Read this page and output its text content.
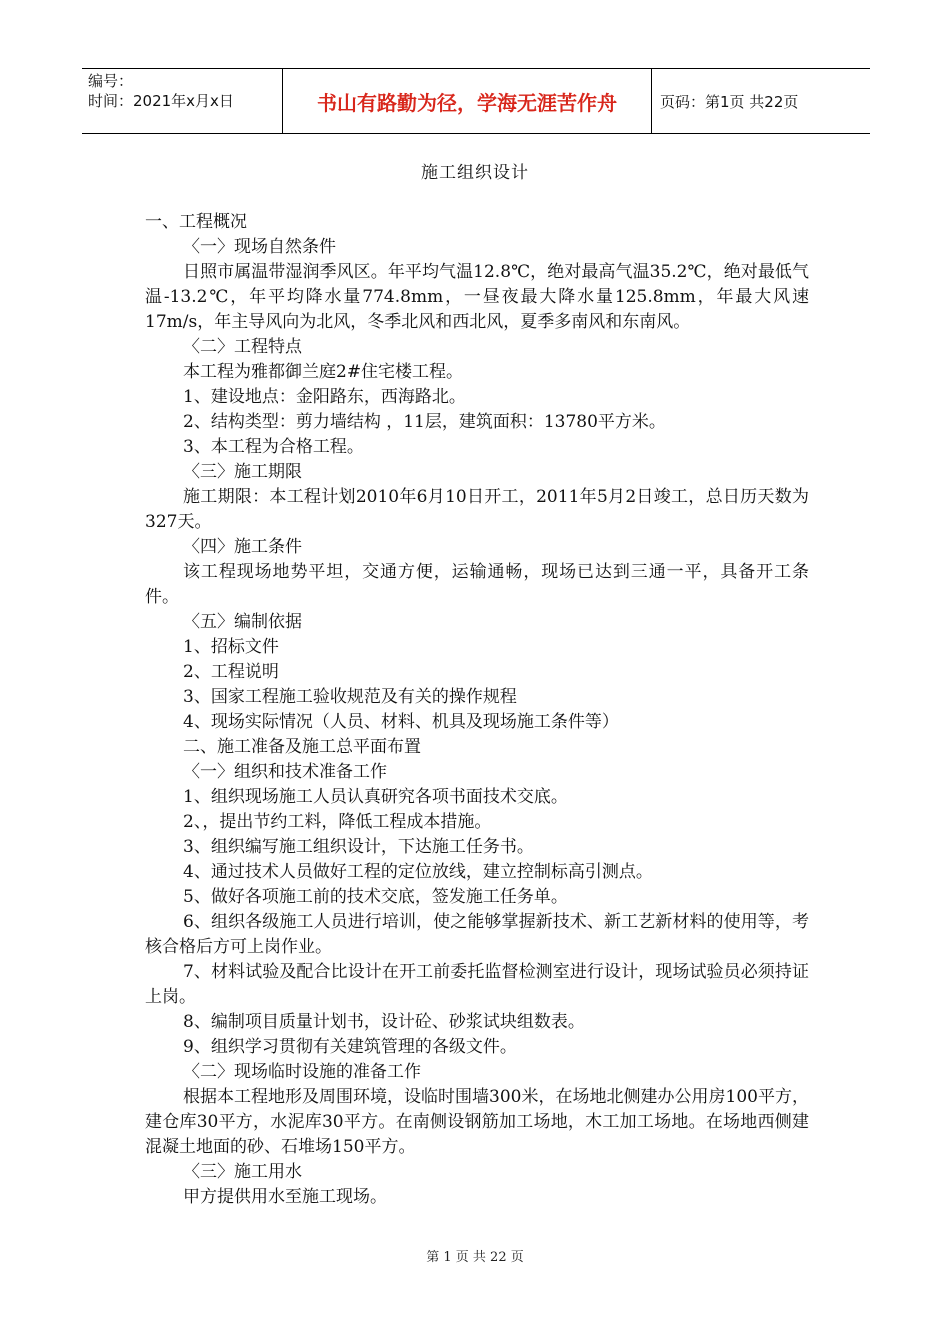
编号：
时间：2021年x月x日	书山有路勤为径，学海无涯苦作舟	页码：第1页 共22页
施工组织设计

一、工程概况

〈一〉现场自然条件

日照市属温带湿润季风区。年平均气温12.8℃，绝对最高气温35.2℃，绝对最低气温-13.2℃，年平均降水量774.8mm，一昼夜最大降水量125.8mm，年最大风速17m/s，年主导风向为北风，冬季北风和西北风，夏季多南风和东南风。

〈二〉工程特点

本工程为雅都御兰庭2#住宅楼工程。

1、建设地点：金阳路东，西海路北。

2、结构类型：剪力墙结构 ，11层，建筑面积：13780平方米。

3、本工程为合格工程。

〈三〉施工期限

施工期限：本工程计划2010年6月10日开工，2011年5月2日竣工，总日历天数为327天。

〈四〉施工条件

该工程现场地势平坦，交通方便，运输通畅，现场已达到三通一平，具备开工条件。

〈五〉编制依据

1、招标文件

2、工程说明

3、国家工程施工验收规范及有关的操作规程

4、现场实际情况（人员、材料、机具及现场施工条件等）

二、施工准备及施工总平面布置

〈一〉组织和技术准备工作

1、组织现场施工人员认真研究各项书面技术交底。

2、，提出节约工料，降低工程成本措施。

3、组织编写施工组织设计，下达施工任务书。

4、通过技术人员做好工程的定位放线，建立控制标高引测点。

5、做好各项施工前的技术交底，签发施工任务单。

6、组织各级施工人员进行培训，使之能够掌握新技术、新工艺新材料的使用等，考核合格后方可上岗作业。

7、材料试验及配合比设计在开工前委托监督检测室进行设计，现场试验员必须持证上岗。

8、编制项目质量计划书，设计砼、砂浆试块组数表。

9、组织学习贯彻有关建筑管理的各级文件。

〈二〉现场临时设施的准备工作

根据本工程地形及周围环境，设临时围墙300米，在场地北侧建办公用房100平方，建仓库30平方，水泥库30平方。在南侧设钢筋加工场地，木工加工场地。在场地西侧建混凝土地面的砂、石堆场150平方。

〈三〉施工用水

甲方提供用水至施工现场。

第 1 页 共 22 页
